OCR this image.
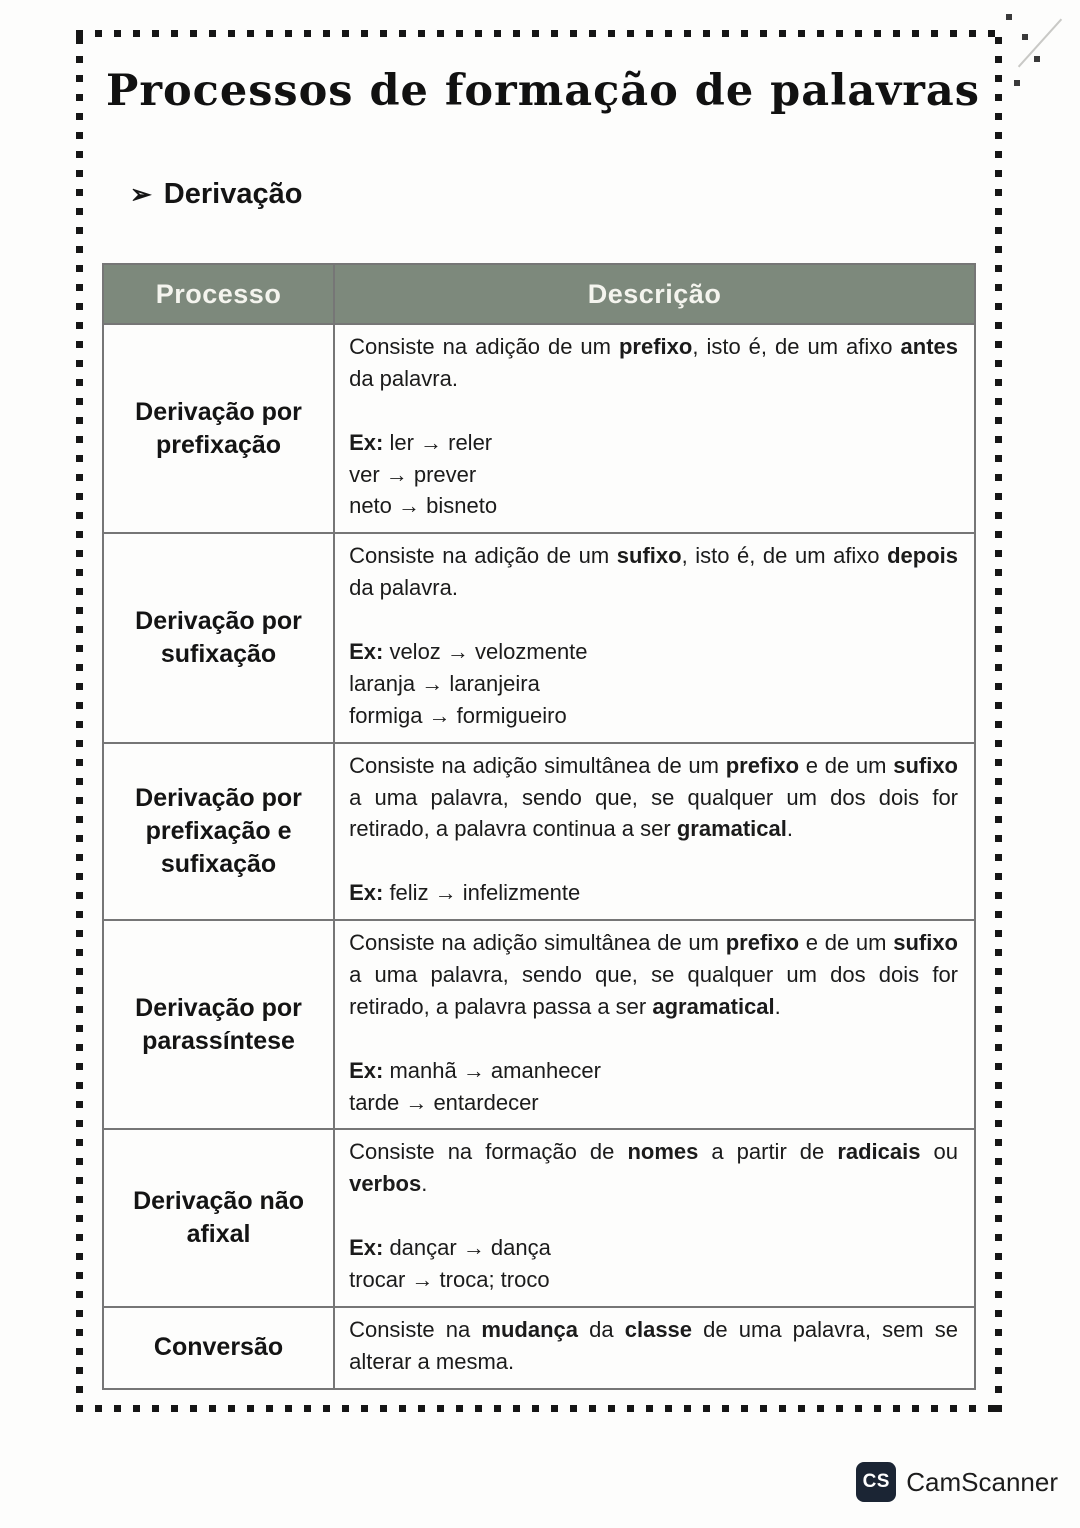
Processos de formação de palavras
➢ Derivação
Processo	Descrição
Derivação por prefixação	Consiste na adição de um prefixo, isto é, de um afixo antes da palavra.

Ex: ler → reler
ver → prever
neto → bisneto

Derivação por sufixação	Consiste na adição de um sufixo, isto é, de um afixo depois da palavra.

Ex: veloz → velozmente
laranja → laranjeira
formiga → formigueiro

Derivação por prefixação e sufixação	Consiste na adição simultânea de um prefixo e de um sufixo a uma palavra, sendo que, se qualquer um dos dois for retirado, a palavra continua a ser gramatical.

Ex: feliz → infelizmente

Derivação por parassíntese	Consiste na adição simultânea de um prefixo e de um sufixo a uma palavra, sendo que, se qualquer um dos dois for retirado, a palavra passa a ser agramatical.

Ex: manhã → amanhecer
tarde → entardecer

Derivação não afixal	Consiste na formação de nomes a partir de radicais ou verbos.

Ex: dançar → dança
trocar → troca; troco

Conversão	Consiste na mudança da classe de uma palavra, sem se alterar a mesma.
CS CamScanner
